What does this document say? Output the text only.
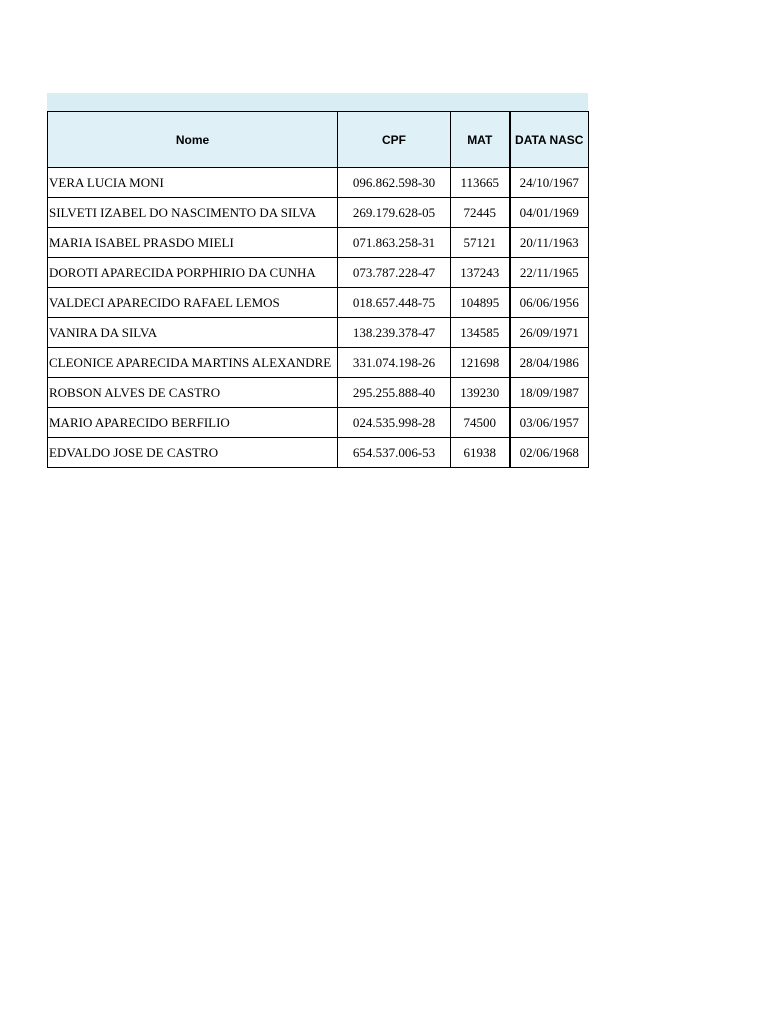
Nome	CPF	MAT	DATA NASC
VERA LUCIA MONI	096.862.598-30	113665	24/10/1967
SILVETI IZABEL DO NASCIMENTO DA SILVA	269.179.628-05	72445	04/01/1969
MARIA ISABEL PRASDO MIELI	071.863.258-31	57121	20/11/1963
DOROTI APARECIDA PORPHIRIO DA CUNHA	073.787.228-47	137243	22/11/1965
VALDECI APARECIDO RAFAEL LEMOS	018.657.448-75	104895	06/06/1956
VANIRA DA SILVA	138.239.378-47	134585	26/09/1971
CLEONICE APARECIDA MARTINS ALEXANDRE	331.074.198-26	121698	28/04/1986
ROBSON ALVES DE CASTRO	295.255.888-40	139230	18/09/1987
MARIO APARECIDO BERFILIO	024.535.998-28	74500	03/06/1957
EDVALDO JOSE DE CASTRO	654.537.006-53	61938	02/06/1968
